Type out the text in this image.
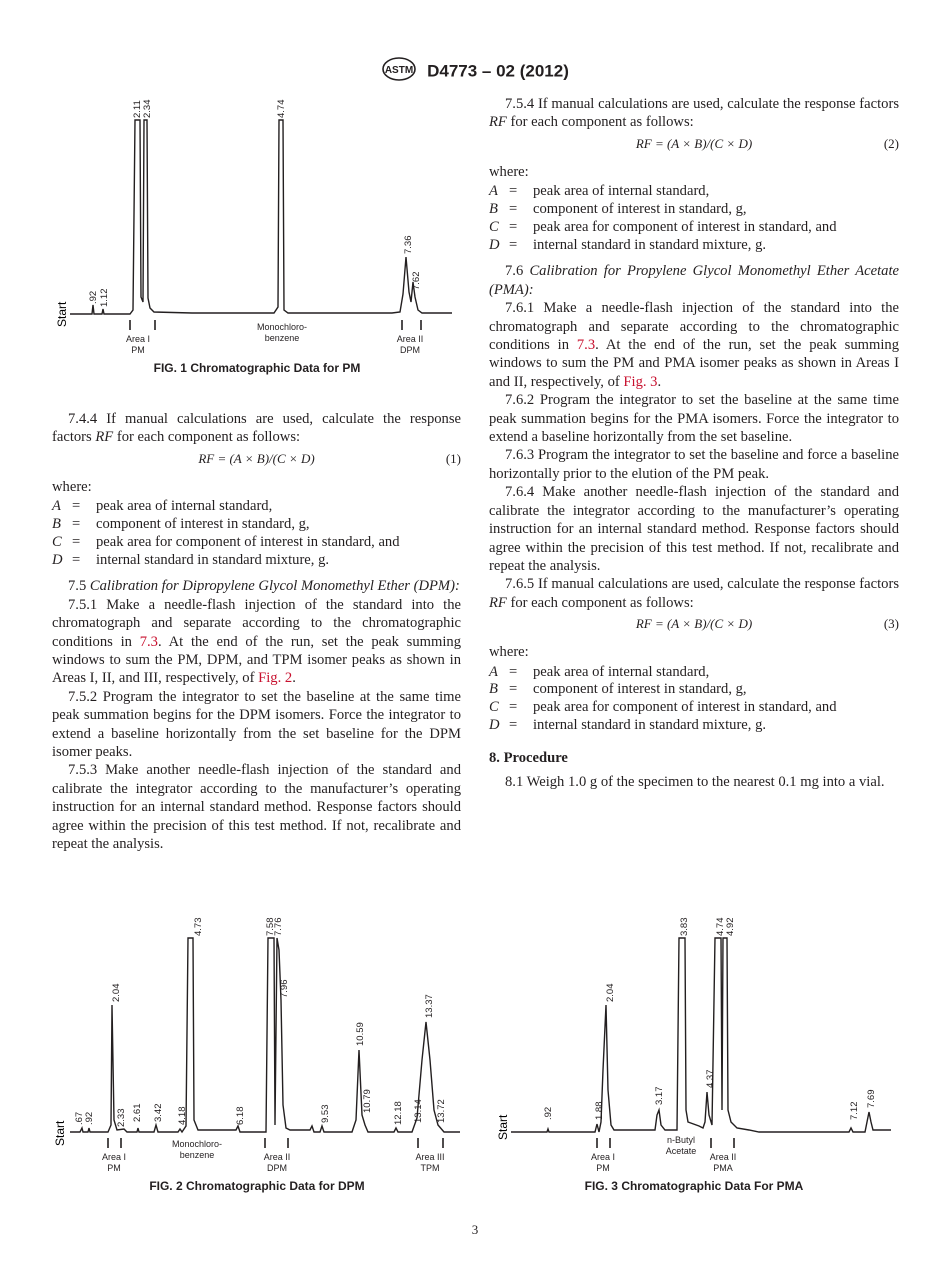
ASTM D4773 – 02 (2012)
Start
.92 1.12
2.11 2.34	4.74
7.36
7.62
Area I
PM
Monochloro-
benzene	Area II
DPM
FIG. 1 Chromatographic Data for PM

7.4.4 If manual calculations are used, calculate the response factors RF for each component as follows:

RF = (A × B)/(C × D)	(1)

where:

A =	peak area of internal standard,
B =	component of interest in standard, g,
C =	peak area for component of interest in standard, and
D =	internal standard in standard mixture, g.

7.5 Calibration for Dipropylene Glycol Monomethyl Ether (DPM):

7.5.1 Make a needle-flash injection of the standard into the chromatograph and separate according to the chromatographic conditions in 7.3. At the end of the run, set the peak summing windows to sum the PM, DPM, and TPM isomer peaks as shown in Areas I, II, and III, respectively, of Fig. 2.

7.5.2 Program the integrator to set the baseline at the same time peak summation begins for the DPM isomers. Force the integrator to extend a baseline horizontally from the set baseline for the DPM isomer peaks.

7.5.3 Make another needle-flash injection of the standard and calibrate the integrator according to the manufacturer’s operating instruction for an internal standard method. Response factors should agree within the precision of this test method. If not, recalibrate and repeat the analysis.

7.5.4 If manual calculations are used, calculate the response factors RF for each component as follows:

RF = (A × B)/(C × D)	(2)

where:

A =	peak area of internal standard,
B =	component of interest in standard, g,
C =	peak area for component of interest in standard, and
D =	internal standard in standard mixture, g.

7.6 Calibration for Propylene Glycol Monomethyl Ether Acetate (PMA):

7.6.1 Make a needle-flash injection of the standard into the chromatograph and separate according to the chromatographic conditions in 7.3. At the end of the run, set the peak summing windows to sum the PM and PMA isomer peaks as shown in Areas I and II, respectively, of Fig. 3.

7.6.2 Program the integrator to set the baseline at the same time peak summation begins for the PMA isomers. Force the integrator to extend a baseline horizontally from the set baseline.

7.6.3 Program the integrator to set the baseline and force a baseline horizontally prior to the elution of the PM peak.

7.6.4 Make another needle-flash injection of the standard and calibrate the integrator according to the manufacturer’s operating instruction for an internal standard method. Response factors should agree within the precision of this test method. If not, recalibrate and repeat the analysis.

7.6.5 If manual calculations are used, calculate the response factors RF for each component as follows:

RF = (A × B)/(C × D)	(3)

where:

A =	peak area of internal standard,
B =	component of interest in standard, g,
C =	peak area for component of interest in standard, and
D =	internal standard in standard mixture, g.

8. Procedure

8.1 Weigh 1.0 g of the specimen to the nearest 0.1 mg into a vial.

Start
.67 .92
2.04
2.33 2.61 3.42 4.18
4.73
6.18
7.58
7.76
7.96
9.53
10.59
10.79
12.18 13.14
13.37
13.72
Area I
PM
Monochloro-
benzene	Area II
DPM
Area III
TPM
FIG. 2 Chromatographic Data for DPM
Start
.92	1.88
2.04
3.17
3.83
4.37
4.74 4.92
7.12
7.69
Area I
PM
n-Butyl
Acetate
Area II
PMA
FIG. 3 Chromatographic Data For PMA
3
